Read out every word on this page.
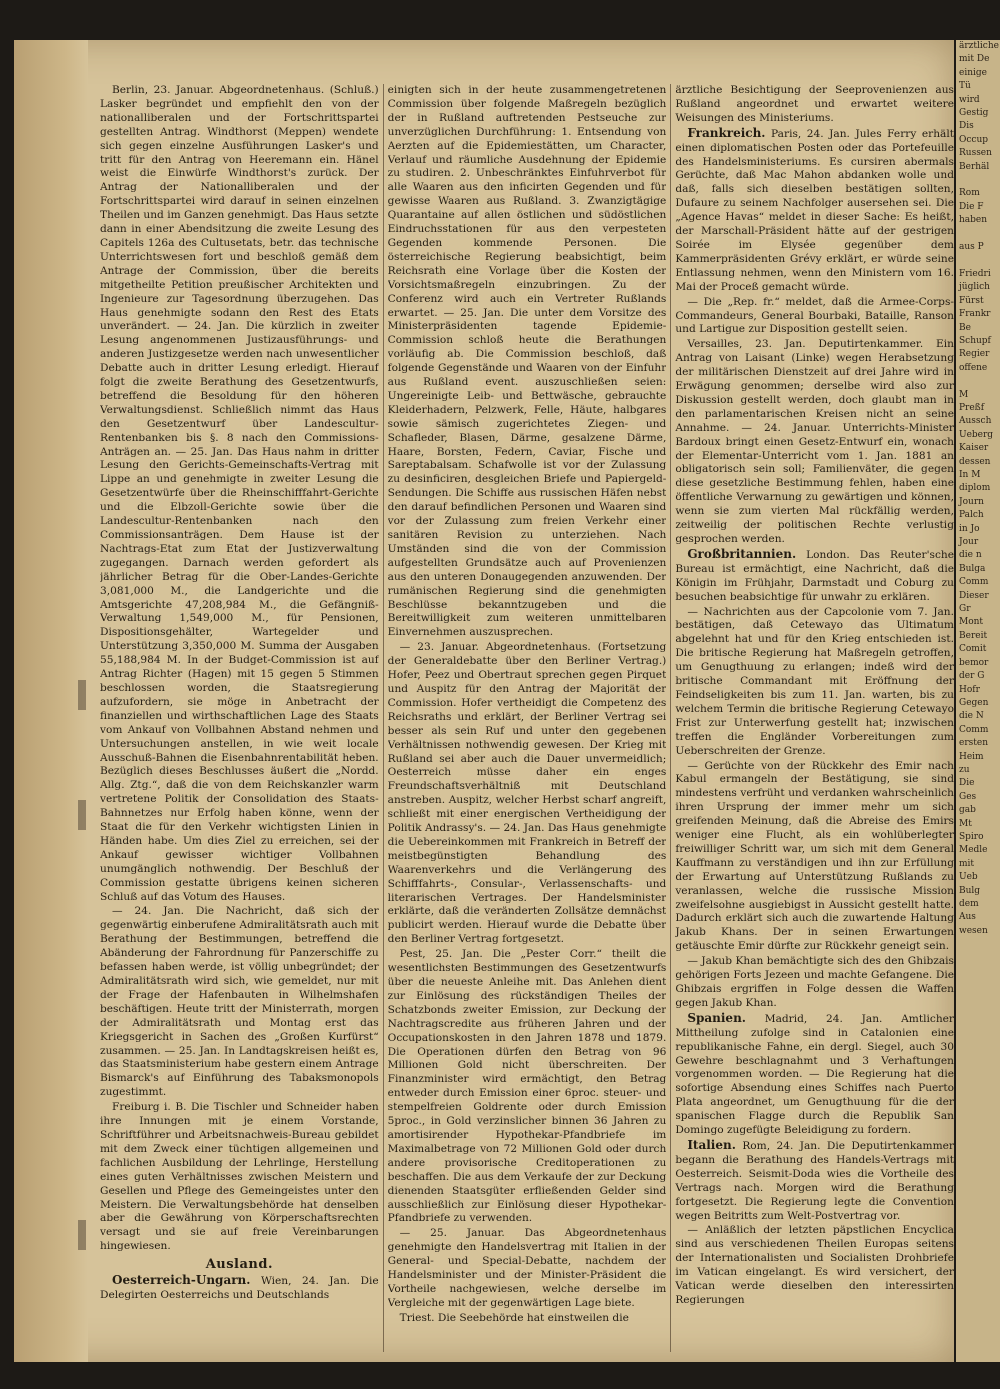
Berlin, 23. Januar. Abgeordnetenhaus. (Schluß.) Lasker begründet und empfiehlt den von der nationalliberalen und der Fortschrittspartei gestellten Antrag. Windthorst (Meppen) wendete sich gegen einzelne Ausführungen Lasker's und tritt für den Antrag von Heeremann ein. Hänel weist die Einwürfe Windthorst's zurück. Der Antrag der Nationalliberalen und der Fortschrittspartei wird darauf in seinen einzelnen Theilen und im Ganzen genehmigt. Das Haus setzte dann in einer Abendsitzung die zweite Lesung des Capitels 126a des Cultusetats, betr. das technische Unterrichtswesen fort und beschloß gemäß dem Antrage der Commission, über die bereits mitgetheilte Petition preußischer Architekten und Ingenieure zur Tagesordnung überzugehen. Das Haus genehmigte sodann den Rest des Etats unverändert. — 24. Jan. Die kürzlich in zweiter Lesung angenommenen Justizausführungs- und anderen Justizgesetze werden nach unwesentlicher Debatte auch in dritter Lesung erledigt. Hierauf folgt die zweite Berathung des Gesetzentwurfs, betreffend die Besoldung für den höheren Verwaltungsdienst. Schließlich nimmt das Haus den Gesetzentwurf über Landescultur-Rentenbanken bis §. 8 nach den Commissions-Anträgen an. — 25. Jan. Das Haus nahm in dritter Lesung den Gerichts-Gemeinschafts-Vertrag mit Lippe an und genehmigte in zweiter Lesung die Gesetzentwürfe über die Rheinschifffahrt-Gerichte und die Elbzoll-Gerichte sowie über die Landescultur-Rentenbanken nach den Commissionsanträgen. Dem Hause ist der Nachtrags-Etat zum Etat der Justizverwaltung zugegangen. Darnach werden gefordert als jährlicher Betrag für die Ober-Landes-Gerichte 3,081,000 M., die Landgerichte und die Amtsgerichte 47,208,984 M., die Gefängniß-Verwaltung 1,549,000 M., für Pensionen, Dispositionsgehälter, Wartegelder und Unterstützung 3,350,000 M. Summa der Ausgaben 55,188,984 M. In der Budget-Commission ist auf Antrag Richter (Hagen) mit 15 gegen 5 Stimmen beschlossen worden, die Staatsregierung aufzufordern, sie möge in Anbetracht der finanziellen und wirthschaftlichen Lage des Staats vom Ankauf von Vollbahnen Abstand nehmen und Untersuchungen anstellen, in wie weit locale Ausschuß-Bahnen die Eisenbahnrentabilität heben. Bezüglich dieses Beschlusses äußert die „Nordd. Allg. Ztg.“, daß die von dem Reichskanzler warm vertretene Politik der Consolidation des Staats-Bahnnetzes nur Erfolg haben könne, wenn der Staat die für den Verkehr wichtigsten Linien in Händen habe. Um dies Ziel zu erreichen, sei der Ankauf gewisser wichtiger Vollbahnen unumgänglich nothwendig. Der Beschluß der Commission gestatte übrigens keinen sicheren Schluß auf das Votum des Hauses.

— 24. Jan. Die Nachricht, daß sich der gegenwärtig einberufene Admiralitätsrath auch mit Berathung der Bestimmungen, betreffend die Abänderung der Fahrordnung für Panzerschiffe zu befassen haben werde, ist völlig unbegründet; der Admiralitätsrath wird sich, wie gemeldet, nur mit der Frage der Hafenbauten in Wilhelmshafen beschäftigen. Heute tritt der Ministerrath, morgen der Admiralitätsrath und Montag erst das Kriegsgericht in Sachen des „Großen Kurfürst“ zusammen. — 25. Jan. In Landtagskreisen heißt es, das Staatsministerium habe gestern einem Antrage Bismarck's auf Einführung des Tabaksmonopols zugestimmt.

Freiburg i. B. Die Tischler und Schneider haben ihre Innungen mit je einem Vorstande, Schriftführer und Arbeitsnachweis-Bureau gebildet mit dem Zweck einer tüchtigen allgemeinen und fachlichen Ausbildung der Lehrlinge, Herstellung eines guten Verhältnisses zwischen Meistern und Gesellen und Pflege des Gemeingeistes unter den Meistern. Die Verwaltungsbehörde hat denselben aber die Gewährung von Körperschaftsrechten versagt und sie auf freie Vereinbarungen hingewiesen.

Ausland.

Oesterreich-Ungarn. Wien, 24. Jan. Die Delegirten Oesterreichs und Deutschlands

einigten sich in der heute zusammengetretenen Commission über folgende Maßregeln bezüglich der in Rußland auftretenden Pestseuche zur unverzüglichen Durchführung: 1. Entsendung von Aerzten auf die Epidemiestätten, um Character, Verlauf und räumliche Ausdehnung der Epidemie zu studiren. 2. Unbeschränktes Einfuhrverbot für alle Waaren aus den inficirten Gegenden und für gewisse Waaren aus Rußland. 3. Zwanzigtägige Quarantaine auf allen östlichen und südöstlichen Eindruchsstationen für aus den verpesteten Gegenden kommende Personen. Die österreichische Regierung beabsichtigt, beim Reichsrath eine Vorlage über die Kosten der Vorsichtsmaßregeln einzubringen. Zu der Conferenz wird auch ein Vertreter Rußlands erwartet. — 25. Jan. Die unter dem Vorsitze des Ministerpräsidenten tagende Epidemie-Commission schloß heute die Berathungen vorläufig ab. Die Commission beschloß, daß folgende Gegenstände und Waaren von der Einfuhr aus Rußland event. auszuschließen seien: Ungereinigte Leib- und Bettwäsche, gebrauchte Kleiderhadern, Pelzwerk, Felle, Häute, halbgares sowie sämisch zugerichtetes Ziegen- und Schafleder, Blasen, Därme, gesalzene Därme, Haare, Borsten, Federn, Caviar, Fische und Sareptabalsam. Schafwolle ist vor der Zulassung zu desinficiren, desgleichen Briefe und Papiergeld-Sendungen. Die Schiffe aus russischen Häfen nebst den darauf befindlichen Personen und Waaren sind vor der Zulassung zum freien Verkehr einer sanitären Revision zu unterziehen. Nach Umständen sind die von der Commission aufgestellten Grundsätze auch auf Provenienzen aus den unteren Donaugegenden anzuwenden. Der rumänischen Regierung sind die genehmigten Beschlüsse bekanntzugeben und die Bereitwilligkeit zum weiteren unmittelbaren Einvernehmen auszusprechen.

— 23. Januar. Abgeordnetenhaus. (Fortsetzung der Generaldebatte über den Berliner Vertrag.) Hofer, Peez und Obertraut sprechen gegen Pirquet und Auspitz für den Antrag der Majorität der Commission. Hofer vertheidigt die Competenz des Reichsraths und erklärt, der Berliner Vertrag sei besser als sein Ruf und unter den gegebenen Verhältnissen nothwendig gewesen. Der Krieg mit Rußland sei aber auch die Dauer unvermeidlich; Oesterreich müsse daher ein enges Freundschaftsverhältniß mit Deutschland anstreben. Auspitz, welcher Herbst scharf angreift, schließt mit einer energischen Vertheidigung der Politik Andrassy's. — 24. Jan. Das Haus genehmigte die Uebereinkommen mit Frankreich in Betreff der meistbegünstigten Behandlung des Waarenverkehrs und die Verlängerung des Schifffahrts-, Consular-, Verlassenschafts- und literarischen Vertrages. Der Handelsminister erklärte, daß die veränderten Zollsätze demnächst publicirt werden. Hierauf wurde die Debatte über den Berliner Vertrag fortgesetzt.

Pest, 25. Jan. Die „Pester Corr.“ theilt die wesentlichsten Bestimmungen des Gesetzentwurfs über die neueste Anleihe mit. Das Anlehen dient zur Einlösung des rückständigen Theiles der Schatzbonds zweiter Emission, zur Deckung der Nachtragscredite aus früheren Jahren und der Occupationskosten in den Jahren 1878 und 1879. Die Operationen dürfen den Betrag von 96 Millionen Gold nicht überschreiten. Der Finanzminister wird ermächtigt, den Betrag entweder durch Emission einer 6proc. steuer- und stempelfreien Goldrente oder durch Emission 5proc., in Gold verzinslicher binnen 36 Jahren zu amortisirender Hypothekar-Pfandbriefe im Maximalbetrage von 72 Millionen Gold oder durch andere provisorische Creditoperationen zu beschaffen. Die aus dem Verkaufe der zur Deckung dienenden Staatsgüter erfließenden Gelder sind ausschließlich zur Einlösung dieser Hypothekar-Pfandbriefe zu verwenden.

— 25. Januar. Das Abgeordnetenhaus genehmigte den Handelsvertrag mit Italien in der General- und Special-Debatte, nachdem der Handelsminister und der Minister-Präsident die Vortheile nachgewiesen, welche derselbe im Vergleiche mit der gegenwärtigen Lage biete.

Triest. Die Seebehörde hat einstweilen die

ärztliche Besichtigung der Seeprovenienzen aus Rußland angeordnet und erwartet weitere Weisungen des Ministeriums.

Frankreich. Paris, 24. Jan. Jules Ferry erhält einen diplomatischen Posten oder das Portefeuille des Handelsministeriums. Es cursiren abermals Gerüchte, daß Mac Mahon abdanken wolle und daß, falls sich dieselben bestätigen sollten, Dufaure zu seinem Nachfolger ausersehen sei. Die „Agence Havas“ meldet in dieser Sache: Es heißt, der Marschall-Präsident hätte auf der gestrigen Soirée im Elysée gegenüber dem Kammerpräsidenten Grévy erklärt, er würde seine Entlassung nehmen, wenn den Ministern vom 16. Mai der Proceß gemacht würde.

— Die „Rep. fr.“ meldet, daß die Armee-Corps-Commandeurs, General Bourbaki, Bataille, Ranson und Lartigue zur Disposition gestellt seien.

Versailles, 23. Jan. Deputirtenkammer. Ein Antrag von Laisant (Linke) wegen Herabsetzung der militärischen Dienstzeit auf drei Jahre wird in Erwägung genommen; derselbe wird also zur Diskussion gestellt werden, doch glaubt man in den parlamentarischen Kreisen nicht an seine Annahme. — 24. Januar. Unterrichts-Minister Bardoux bringt einen Gesetz-Entwurf ein, wonach der Elementar-Unterricht vom 1. Jan. 1881 an obligatorisch sein soll; Familienväter, die gegen diese gesetzliche Bestimmung fehlen, haben eine öffentliche Verwarnung zu gewärtigen und können, wenn sie zum vierten Mal rückfällig werden, zeitweilig der politischen Rechte verlustig gesprochen werden.

Großbritannien. London. Das Reuter'sche Bureau ist ermächtigt, eine Nachricht, daß die Königin im Frühjahr, Darmstadt und Coburg zu besuchen beabsichtige für unwahr zu erklären.

— Nachrichten aus der Capcolonie vom 7. Jan. bestätigen, daß Cetewayo das Ultimatum abgelehnt hat und für den Krieg entschieden ist. Die britische Regierung hat Maßregeln getroffen, um Genugthuung zu erlangen; indeß wird der britische Commandant mit Eröffnung der Feindseligkeiten bis zum 11. Jan. warten, bis zu welchem Termin die britische Regierung Cetewayo Frist zur Unterwerfung gestellt hat; inzwischen treffen die Engländer Vorbereitungen zum Ueberschreiten der Grenze.

— Gerüchte von der Rückkehr des Emir nach Kabul ermangeln der Bestätigung, sie sind mindestens verfrüht und verdanken wahrscheinlich ihren Ursprung der immer mehr um sich greifenden Meinung, daß die Abreise des Emirs weniger eine Flucht, als ein wohlüberlegter freiwilliger Schritt war, um sich mit dem General Kauffmann zu verständigen und ihn zur Erfüllung der Erwartung auf Unterstützung Rußlands zu veranlassen, welche die russische Mission zweifelsohne ausgiebigst in Aussicht gestellt hatte. Dadurch erklärt sich auch die zuwartende Haltung Jakub Khans. Der in seinen Erwartungen getäuschte Emir dürfte zur Rückkehr geneigt sein.

— Jakub Khan bemächtigte sich des den Ghibzais gehörigen Forts Jezeen und machte Gefangene. Die Ghibzais ergriffen in Folge dessen die Waffen gegen Jakub Khan.

Spanien. Madrid, 24. Jan. Amtlicher Mittheilung zufolge sind in Catalonien eine republikanische Fahne, ein dergl. Siegel, auch 30 Gewehre beschlagnahmt und 3 Verhaftungen vorgenommen worden. — Die Regierung hat die sofortige Absendung eines Schiffes nach Puerto Plata angeordnet, um Genugthuung für die der spanischen Flagge durch die Republik San Domingo zugefügte Beleidigung zu fordern.

Italien. Rom, 24. Jan. Die Deputirtenkammer begann die Berathung des Handels-Vertrags mit Oesterreich. Seismit-Doda wies die Vortheile des Vertrags nach. Morgen wird die Berathung fortgesetzt. Die Regierung legte die Convention wegen Beitritts zum Welt-Postvertrag vor.

— Anläßlich der letzten päpstlichen Encyclica sind aus verschiedenen Theilen Europas seitens der Internationalisten und Socialisten Drohbriefe im Vatican eingelangt. Es wird versichert, der Vatican werde dieselben den interessirten Regierungen

ärztliche
mit De
einige
Tü
wird
Gestig
Dis
Occup
Russen
Berhäl

Rom
Die F
haben

aus P

Friedri
jüglich
Fürst
Frankr
Be
Schupf
Regier
offene

M
Preßf
Aussch
Ueberg
Kaiser
dessen
In M
diplom
Journ
Palch
in Jo
Jour
die n
Bulga
Comm
Dieser
Gr
Mont
Bereit
Comit
bemor
der G
Hofr
Gegen
die N
Comm
ersten
Heim
zu
Die
Ges
gab
Mt
Spiro
Medle
mit
Ueb
Bulg
dem
Aus
wesen
